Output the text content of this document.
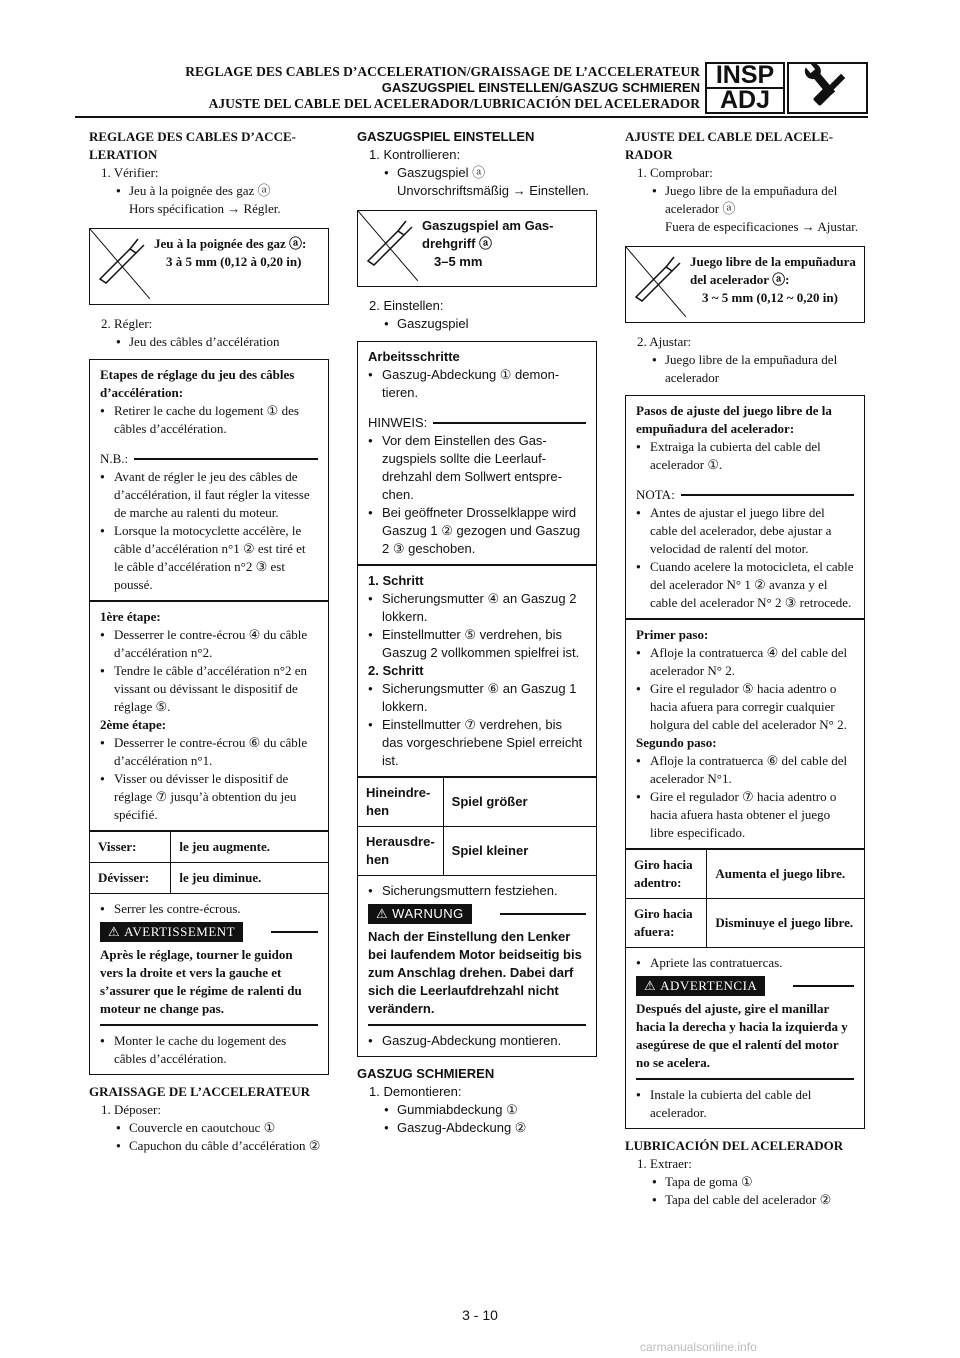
REGLAGE DES CABLES D’ACCELERATION/GRAISSAGE DE L’ACCELERATEUR
GASZUGSPIEL EINSTELLEN/GASZUG SCHMIEREN
AJUSTE DEL CABLE DEL ACELERADOR/LUBRICACIÓN DEL ACELERADOR
INSP
ADJ
REGLAGE DES CABLES D’ACCELERATION
1. Vérifier:
● Jeu à la poignée des gaz ⓐ
Hors spécification → Régler.
Jeu à la poignée des gaz ⓐ:
3 à 5 mm (0,12 à 0,20 in)
2. Régler:
● Jeu des câbles d’accélération
Etapes de réglage du jeu des câbles d’accélération:
● Retirer le cache du logement ① des câbles d’accélération.
N.B.:
● Avant de régler le jeu des câbles de d’accélération, il faut régler la vitesse de marche au ralenti du moteur.
● Lorsque la motocyclette accélère, le câble d’accélération n°1 ② est tiré et le câble d’accélération n°2 ③ est poussé.
1ère étape:
● Desserrer le contre-écrou ④ du câble d’accélération n°2.
● Tendre le câble d’accélération n°2 en vissant ou dévissant le dispositif de réglage ⑤.
2ème étape:
● Desserrer le contre-écrou ⑥ du câble d’accélération n°1.
● Visser ou dévisser le dispositif de réglage ⑦ jusqu’à obtention du jeu spécifié.
Visser:	le jeu augmente.
Dévisser:	le jeu diminue.
● Serrer les contre-écrous.
⚠ AVERTISSEMENT
Après le réglage, tourner le guidon vers la droite et vers la gauche et s’assurer que le régime de ralenti du moteur ne change pas.
● Monter le cache du logement des câbles d’accélération.
GRAISSAGE DE L’ACCELERATEUR
1. Déposer:
● Couvercle en caoutchouc ①
● Capuchon du câble d’accélération ②
GASZUGSPIEL EINSTELLEN
1. Kontrollieren:
● Gaszugspiel ⓐ
Unvorschriftsmäßig → Einstellen.
Gaszugspiel am Gasdrehgriff ⓐ
3–5 mm
2. Einstellen:
● Gaszugspiel
Arbeitsschritte
● Gaszug-Abdeckung ① demontieren.
HINWEIS:
● Vor dem Einstellen des Gaszugspiels sollte die Leerlaufdrehzahl dem Sollwert entsprechen.
● Bei geöffneter Drosselklappe wird Gaszug 1 ② gezogen und Gaszug 2 ③ geschoben.
1. Schritt
● Sicherungsmutter ④ an Gaszug 2 lokkern.
● Einstellmutter ⑤ verdrehen, bis Gaszug 2 vollkommen spielfrei ist.
2. Schritt
● Sicherungsmutter ⑥ an Gaszug 1 lokkern.
● Einstellmutter ⑦ verdrehen, bis das vorgeschriebene Spiel erreicht ist.
Hineindrehen	Spiel größer
Herausdrehen	Spiel kleiner
● Sicherungsmuttern festziehen.
⚠ WARNUNG
Nach der Einstellung den Lenker bei laufendem Motor beidseitig bis zum Anschlag drehen. Dabei darf sich die Leerlaufdrehzahl nicht verändern.
● Gaszug-Abdeckung montieren.
GASZUG SCHMIEREN
1. Demontieren:
● Gummiabdeckung ①
● Gaszug-Abdeckung ②
AJUSTE DEL CABLE DEL ACELERADOR
1. Comprobar:
● Juego libre de la empuñadura del acelerador ⓐ
Fuera de especificaciones → Ajustar.
Juego libre de la empuñadura del acelerador ⓐ:
3 ~ 5 mm (0,12 ~ 0,20 in)
2. Ajustar:
● Juego libre de la empuñadura del acelerador
Pasos de ajuste del juego libre de la empuñadura del acelerador:
● Extraiga la cubierta del cable del acelerador ①.
NOTA:
● Antes de ajustar el juego libre del cable del acelerador, debe ajustar a velocidad de ralentí del motor.
● Cuando acelere la motocicleta, el cable del acelerador N° 1 ② avanza y el cable del acelerador N° 2 ③ retrocede.
Primer paso:
● Afloje la contratuerca ④ del cable del acelerador N° 2.
● Gire el regulador ⑤ hacia adentro o hacia afuera para corregir cualquier holgura del cable del acelerador N° 2.
Segundo paso:
● Afloje la contratuerca ⑥ del cable del acelerador N°1.
● Gire el regulador ⑦ hacia adentro o hacia afuera hasta obtener el juego libre especificado.
Giro hacia adentro:	Aumenta el juego libre.
Giro hacia afuera:	Disminuye el juego libre.
● Apriete las contratuercas.
⚠ ADVERTENCIA
Después del ajuste, gire el manillar hacia la derecha y hacia la izquierda y asegúrese de que el ralentí del motor no se acelera.
● Instale la cubierta del cable del acelerador.
LUBRICACIÓN DEL ACELERADOR
1. Extraer:
● Tapa de goma ①
● Tapa del cable del acelerador ②
3 - 10
carmanualsonline.info
